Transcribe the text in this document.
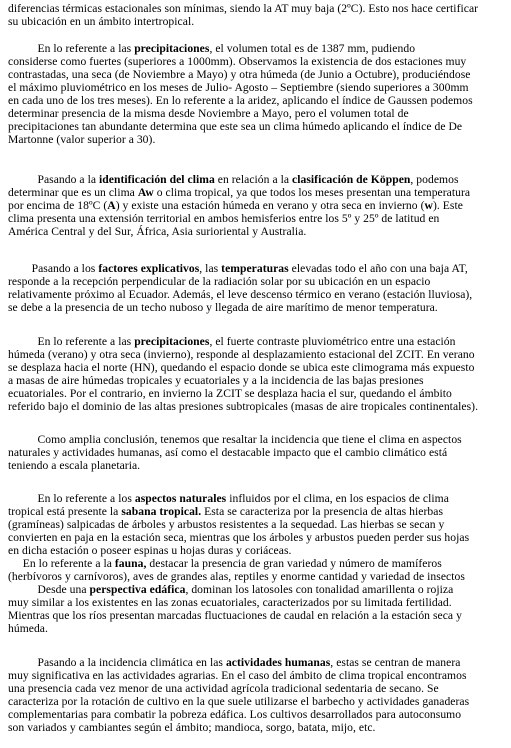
diferencias térmicas estacionales son mínimas, siendo la AT muy baja (2ºC). Esto nos hace certificar
su ubicación en un ámbito intertropical.
En lo referente a las precipitaciones, el volumen total es de 1387 mm, pudiendo
considerse como fuertes (superiores a 1000mm). Observamos la existencia de dos estaciones muy
contrastadas, una seca (de Noviembre a Mayo) y otra húmeda (de Junio a Octubre), produciéndose
el máximo pluviométrico en los meses de Julio- Agosto – Septiembre (siendo superiores a 300mm
en cada uno de los tres meses). En lo referente a la aridez, aplicando el índice de Gaussen podemos
determinar presencia de la misma desde Noviembre a Mayo, pero el volumen total de
precipitaciones tan abundante determina que este sea un clima húmedo aplicando el índice de De
Martonne (valor superior a 30).
Pasando a la identificación del clima en relación a la clasificación de Köppen, podemos
determinar que es un clima Aw o clima tropical, ya que todos los meses presentan una temperatura
por encima de 18ºC (A) y existe una estación húmeda en verano y otra seca en invierno (w). Este
clima presenta una extensión territorial en ambos hemisferios entre los 5º y 25º de latitud en
América Central y del Sur, África, Asia surioriental y Australia.
Pasando a los factores explicativos, las temperaturas elevadas todo el año con una baja AT,
responde a la recepción perpendicular de la radiación solar por su ubicación en un espacio
relativamente próximo al Ecuador. Además, el leve descenso térmico en verano (estación lluviosa),
se debe a la presencia de un techo nuboso y llegada de aire marítimo de menor temperatura.
En lo referente a las precipitaciones, el fuerte contraste pluviométrico entre una estación
húmeda (verano) y otra seca (invierno), responde al desplazamiento estacional del ZCIT. En verano
se desplaza hacia el norte (HN), quedando el espacio donde se ubica este climograma más expuesto
a masas de aire húmedas tropicales y ecuatoriales y a la incidencia de las bajas presiones
ecuatoriales. Por el contrario, en invierno la ZCIT se desplaza hacia el sur, quedando el ámbito
referido bajo el dominio de las altas presiones subtropicales (masas de aire tropicales continentales).
Como amplia conclusión, tenemos que resaltar la incidencia que tiene el clima en aspectos
naturales y actividades humanas, así como el destacable impacto que el cambio climático está
teniendo a escala planetaria.
En lo referente a los aspectos naturales influidos por el clima, en los espacios de clima
tropical está presente la sabana tropical. Esta se caracteriza por la presencia de altas hierbas
(gramíneas) salpicadas de árboles y arbustos resistentes a la sequedad. Las hierbas se secan y
convierten en paja en la estación seca, mientras que los árboles y arbustos pueden perder sus hojas
en dicha estación o poseer espinas u hojas duras y coriáceas.
En lo referente a la fauna, destacar la presencia de gran variedad y número de mamíferos
(herbívoros y carnívoros), aves de grandes alas, reptiles y enorme cantidad y variedad de insectos
Desde una perspectiva edáfica, dominan los latosoles con tonalidad amarillenta o rojiza
muy similar a los existentes en las zonas ecuatoriales, caracterizados por su limitada fertilidad.
Mientras que los ríos presentan marcadas fluctuaciones de caudal en relación a la estación seca y
húmeda.
Pasando a la incidencia climática en las actividades humanas, estas se centran de manera
muy significativa en las actividades agrarias. En el caso del ámbito de clima tropical encontramos
una presencia cada vez menor de una actividad agrícola tradicional sedentaria de secano. Se
caracteriza por la rotación de cultivo en la que suele utilizarse el barbecho y actividades ganaderas
complementarias para combatir la pobreza edáfica. Los cultivos desarrollados para autoconsumo
son variados y cambiantes según el ámbito; mandioca, sorgo, batata, mijo, etc.
